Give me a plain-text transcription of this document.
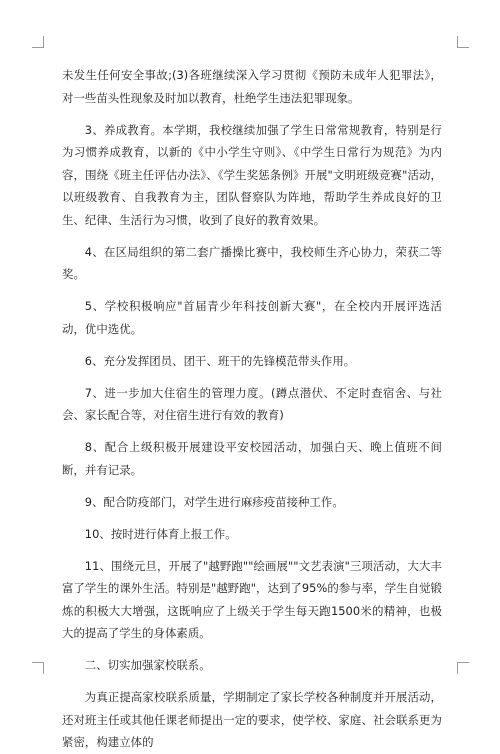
未发生任何安全事故;(3)各班继续深入学习贯彻《预防未成年人犯罪法》，对一些苗头性现象及时加以教育，杜绝学生违法犯罪现象。

3、养成教育。本学期，我校继续加强了学生日常常规教育，特别是行为习惯养成教育，以新的《中小学生守则》、《中学生日常行为规范》为内容，围绕《班主任评估办法》、《学生奖惩条例》开展"文明班级竞赛"活动，以班级教育、自我教育为主，团队督察队为阵地，帮助学生养成良好的卫生、纪律、生活行为习惯，收到了良好的教育效果。

4、在区局组织的第二套广播操比赛中，我校师生齐心协力，荣获二等奖。

5、学校积极响应"首届青少年科技创新大赛"，在全校内开展评选活动，优中选优。

6、充分发挥团员、团干、班干的先锋模范带头作用。

7、进一步加大住宿生的管理力度。(蹲点潜伏、不定时查宿舍、与社会、家长配合等，对住宿生进行有效的教育)

8、配合上级积极开展建设平安校园活动，加强白天、晚上值班不间断，并有记录。

9、配合防疫部门，对学生进行麻疹疫苗接种工作。

10、按时进行体育上报工作。

11、围绕元旦，开展了"越野跑""绘画展""文艺表演"三项活动，大大丰富了学生的课外生活。特别是"越野跑"，达到了95%的参与率，学生自觉锻炼的积极大大增强，这既响应了上级关于学生每天跑1500米的精神，也极大的提高了学生的身体素质。

二、切实加强家校联系。

为真正提高家校联系质量，学期制定了家长学校各种制度并开展活动，还对班主任或其他任课老师提出一定的要求，使学校、家庭、社会联系更为紧密，构建立体的
